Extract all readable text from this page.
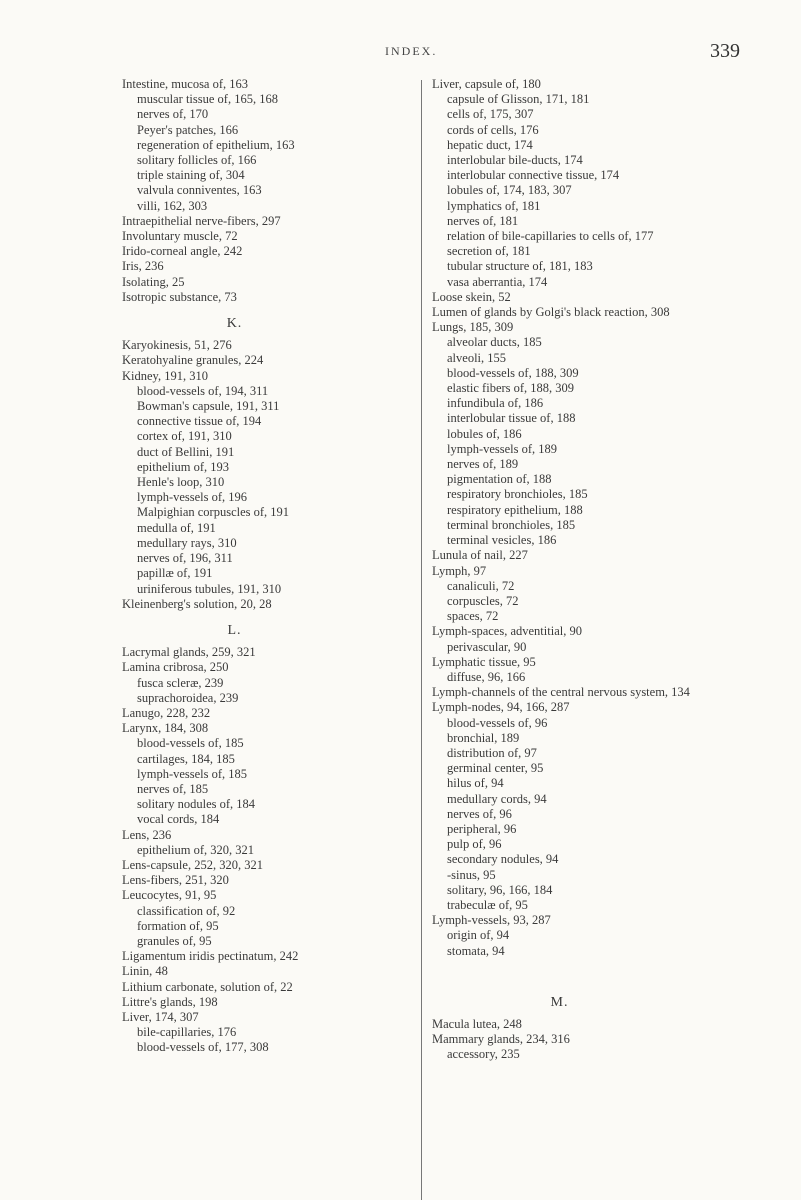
INDEX.	339
Intestine, mucosa of, 163
muscular tissue of, 165, 168
nerves of, 170
Peyer's patches, 166
regeneration of epithelium, 163
solitary follicles of, 166
triple staining of, 304
valvula conniventes, 163
villi, 162, 303
Intraepithelial nerve-fibers, 297
Involuntary muscle, 72
Irido-corneal angle, 242
Iris, 236
Isolating, 25
Isotropic substance, 73
K.
Karyokinesis, 51, 276
Keratohyaline granules, 224
Kidney, 191, 310
blood-vessels of, 194, 311
Bowman's capsule, 191, 311
connective tissue of, 194
cortex of, 191, 310
duct of Bellini, 191
epithelium of, 193
Henle's loop, 310
lymph-vessels of, 196
Malpighian corpuscles of, 191
medulla of, 191
medullary rays, 310
nerves of, 196, 311
papillæ of, 191
uriniferous tubules, 191, 310
Kleinenberg's solution, 20, 28
L.
Lacrymal glands, 259, 321
Lamina cribrosa, 250
fusca scleræ, 239
suprachoroidea, 239
Lanugo, 228, 232
Larynx, 184, 308
blood-vessels of, 185
cartilages, 184, 185
lymph-vessels of, 185
nerves of, 185
solitary nodules of, 184
vocal cords, 184
Lens, 236
epithelium of, 320, 321
Lens-capsule, 252, 320, 321
Lens-fibers, 251, 320
Leucocytes, 91, 95
classification of, 92
formation of, 95
granules of, 95
Ligamentum iridis pectinatum, 242
Linin, 48
Lithium carbonate, solution of, 22
Littre's glands, 198
Liver, 174, 307
bile-capillaries, 176
blood-vessels of, 177, 308
Liver, capsule of, 180
capsule of Glisson, 171, 181
cells of, 175, 307
cords of cells, 176
hepatic duct, 174
interlobular bile-ducts, 174
interlobular connective tissue, 174
lobules of, 174, 183, 307
lymphatics of, 181
nerves of, 181
relation of bile-capillaries to cells of, 177
secretion of, 181
tubular structure of, 181, 183
vasa aberrantia, 174
Loose skein, 52
Lumen of glands by Golgi's black reaction, 308
Lungs, 185, 309
alveolar ducts, 185
alveoli, 155
blood-vessels of, 188, 309
elastic fibers of, 188, 309
infundibula of, 186
interlobular tissue of, 188
lobules of, 186
lymph-vessels of, 189
nerves of, 189
pigmentation of, 188
respiratory bronchioles, 185
respiratory epithelium, 188
terminal bronchioles, 185
terminal vesicles, 186
Lunula of nail, 227
Lymph, 97
canaliculi, 72
corpuscles, 72
spaces, 72
Lymph-spaces, adventitial, 90
perivascular, 90
Lymphatic tissue, 95
diffuse, 96, 166
Lymph-channels of the central nervous system, 134
Lymph-nodes, 94, 166, 287
blood-vessels of, 96
bronchial, 189
distribution of, 97
germinal center, 95
hilus of, 94
medullary cords, 94
nerves of, 96
peripheral, 96
pulp of, 96
secondary nodules, 94
-sinus, 95
solitary, 96, 166, 184
trabeculæ of, 95
Lymph-vessels, 93, 287
origin of, 94
stomata, 94
M.
Macula lutea, 248
Mammary glands, 234, 316
accessory, 235
